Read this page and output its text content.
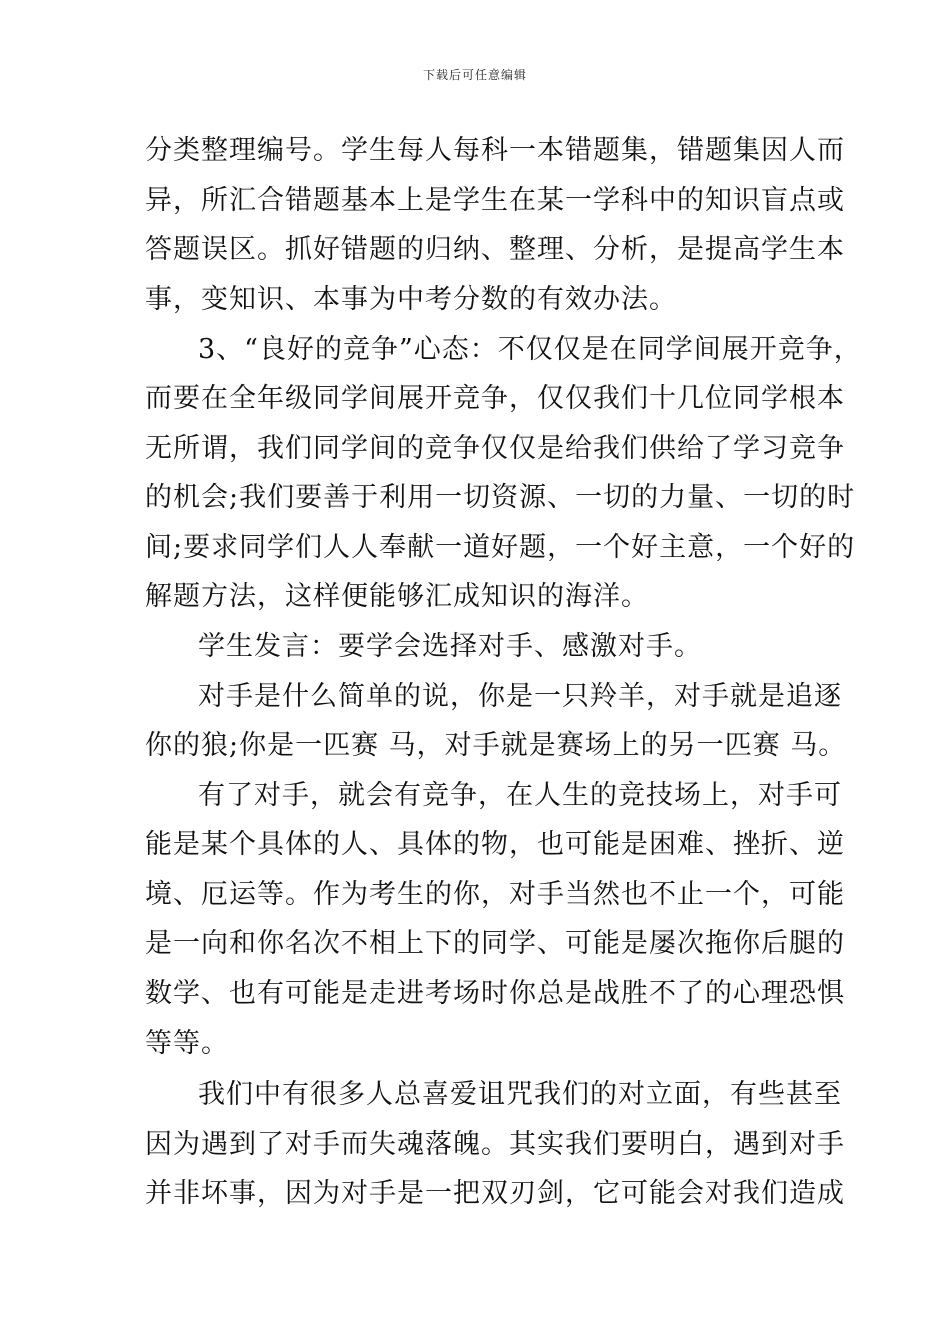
下载后可任意编辑
分类整理编号。学生每人每科一本错题集，错题集因人而
异，所汇合错题基本上是学生在某一学科中的知识盲点或
答题误区。抓好错题的归纳、整理、分析，是提高学生本
事，变知识、本事为中考分数的有效办法。
3、“良好的竞争”心态：不仅仅是在同学间展开竞争，
而要在全年级同学间展开竞争，仅仅我们十几位同学根本
无所谓，我们同学间的竞争仅仅是给我们供给了学习竞争
的机会;我们要善于利用一切资源、一切的力量、一切的时
间;要求同学们人人奉献一道好题，一个好主意，一个好的
解题方法，这样便能够汇成知识的海洋。
学生发言：要学会选择对手、感激对手。
对手是什么简单的说，你是一只羚羊，对手就是追逐
你的狼;你是一匹赛 马，对手就是赛场上的另一匹赛 马。
有了对手，就会有竞争，在人生的竞技场上，对手可
能是某个具体的人、具体的物，也可能是困难、挫折、逆
境、厄运等。作为考生的你，对手当然也不止一个，可能
是一向和你名次不相上下的同学、可能是屡次拖你后腿的
数学、也有可能是走进考场时你总是战胜不了的心理恐惧
等等。
我们中有很多人总喜爱诅咒我们的对立面，有些甚至
因为遇到了对手而失魂落魄。其实我们要明白，遇到对手
并非坏事，因为对手是一把双刃剑，它可能会对我们造成
